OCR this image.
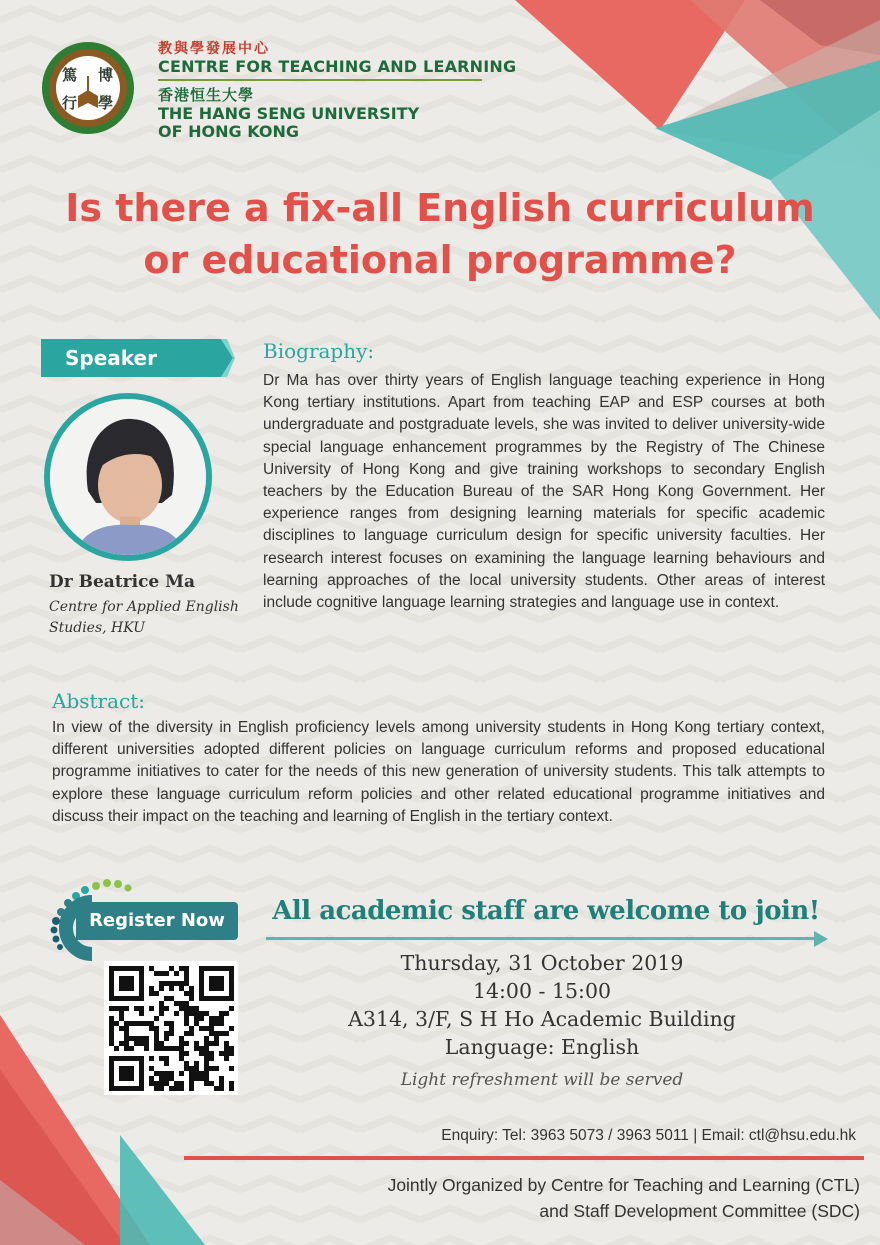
篤 博
行 學
教與學發展中心
CENTRE FOR TEACHING AND LEARNING
香港恒生大學
THE HANG SENG UNIVERSITY
OF HONG KONG
Is there a fix-all English curriculum
or educational programme?
Speaker
Dr Beatrice Ma
Centre for Applied English
Studies, HKU
Biography:
Dr Ma has over thirty years of English language teaching experience in Hong Kong tertiary institutions. Apart from teaching EAP and ESP courses at both undergraduate and postgraduate levels, she was invited to deliver university-wide special language enhancement programmes by the Registry of The Chinese University of Hong Kong and give training workshops to secondary English teachers by the Education Bureau of the SAR Hong Kong Government. Her experience ranges from designing learning materials for specific academic disciplines to language curriculum design for specific university faculties. Her research interest focuses on examining the language learning behaviours and learning approaches of the local university students. Other areas of interest include cognitive language learning strategies and language use in context.
Abstract:
In view of the diversity in English proficiency levels among university students in Hong Kong tertiary context, different universities adopted different policies on language curriculum reforms and proposed educational programme initiatives to cater for the needs of this new generation of university students. This talk attempts to explore these language curriculum reform policies and other related educational programme initiatives and discuss their impact on the teaching and learning of English in the tertiary context.
Register Now	All academic staff are welcome to join!
Thursday, 31 October 2019
14:00 - 15:00
A314, 3/F, S H Ho Academic Building
Language: English
Light refreshment will be served
Enquiry: Tel: 3963 5073 / 3963 5011 | Email: ctl@hsu.edu.hk
Jointly Organized by Centre for Teaching and Learning (CTL)
and Staff Development Committee (SDC)
